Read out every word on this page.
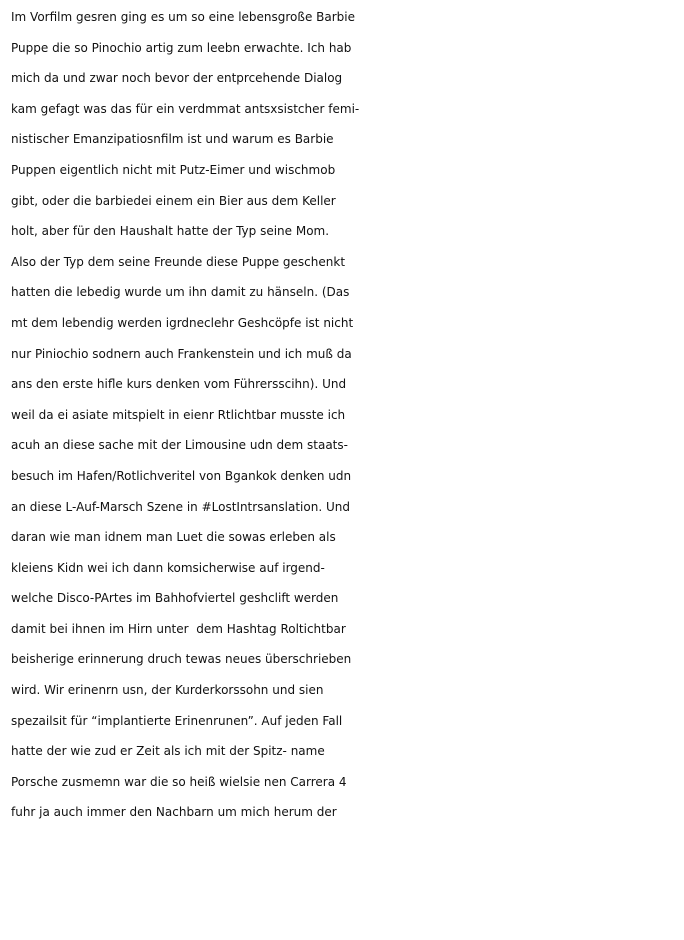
Im Vorfilm gesren ging es um so eine lebensgroße Barbie
Puppe die so Pinochio artig zum leebn erwachte. Ich hab
mich da und zwar noch bevor der entprcehende Dialog
kam gefagt was das für ein verdmmat antsxsistcher femi-
nistischer Emanzipatiosnfilm ist und warum es Barbie
Puppen eigentlich nicht mit Putz-Eimer und wischmob
gibt, oder die barbiedei einem ein Bier aus dem Keller
holt, aber für den Haushalt hatte der Typ seine Mom.
Also der Typ dem seine Freunde diese Puppe geschenkt
hatten die lebedig wurde um ihn damit zu hänseln. (Das
mt dem lebendig werden igrdneclehr Geshcöpfe ist nicht
nur Piniochio sodnern auch Frankenstein und ich muß da
ans den erste hifle kurs denken vom Führersscihn). Und
weil da ei asiate mitspielt in eienr Rtlichtbar musste ich
acuh an diese sache mit der Limousine udn dem staats-
besuch im Hafen/Rotlichveritel von Bgankok denken udn
an diese L-Auf-Marsch Szene in #LostIntrsanslation. Und
daran wie man idnem man Luet die sowas erleben als
kleiens Kidn wei ich dann komsicherwise auf irgend-
welche Disco-PArtes im Bahhofviertel geshclift werden
damit bei ihnen im Hirn unter  dem Hashtag Roltichtbar
beisherige erinnerung druch tewas neues überschrieben
wird. Wir erinenrn usn, der Kurderkorssohn und sien
spezailsit für “implantierte Erinenrunen”. Auf jeden Fall
hatte der wie zud er Zeit als ich mit der Spitz- name
Porsche zusmemn war die so heiß wielsie nen Carrera 4
fuhr ja auch immer den Nachbarn um mich herum der
